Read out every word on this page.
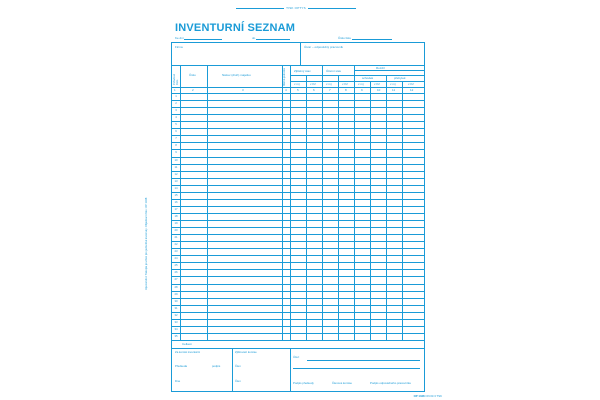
TISK OPTYS
INVENTURNÍ SEZNAM
Ke dni	do	Číslo listu
Upozornění: Tiskopis je určen pro jednotlivé inventury. Objednací číslo: OP 1348
Firma	Útvar – odpovědný pracovník
Pořadové číslo
Číslo	Název (druh) majetku	Měrná jednotka	Zjištěný stav	Účetní stav
Rozdíl
schodek	přebytek
v mj	v Kč	v mj	v Kč	v mj	v Kč	v mj	v Kč
1	2	3	4	5	6	7	8	9	10	11	12
1
2
3
4
5
6
7
8
9
10
11
12
13
14
15
16
17
18
19
20
21
22
23
24
25
26
27
28
29
30
31
32
33
34
35
Celkem
Za komisi inventární	Zjišťovací komise
Účel:
Předseda	podpis	Člen
Dne	Člen	Podpis předsedy	Členové komise	Podpis odpovědného pracovníka
OP 1348 ON 03.3 TSK
